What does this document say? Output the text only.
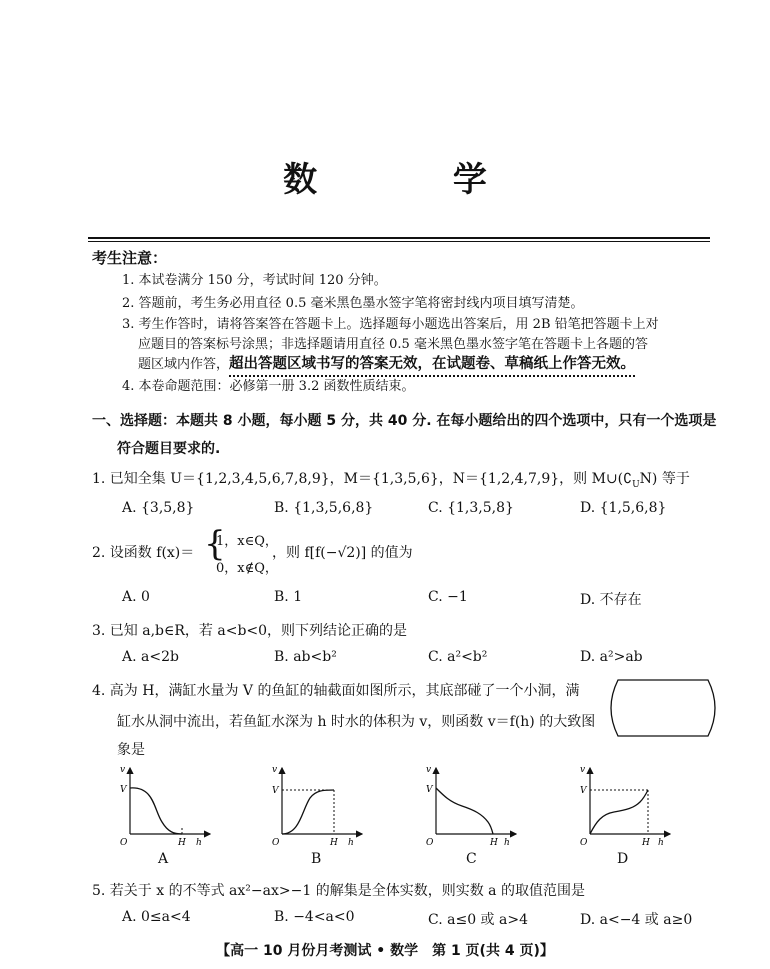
数 学
考生注意：
1. 本试卷满分 150 分，考试时间 120 分钟。
2. 答题前，考生务必用直径 0.5 毫米黑色墨水签字笔将密封线内项目填写清楚。
3. 考生作答时，请将答案答在答题卡上。选择题每小题选出答案后，用 2B 铅笔把答题卡上对
应题目的答案标号涂黑；非选择题请用直径 0.5 毫米黑色墨水签字笔在答题卡上各题的答
题区域内作答，超出答题区域书写的答案无效，在试题卷、草稿纸上作答无效。
4. 本卷命题范围：必修第一册 3.2 函数性质结束。
一、选择题：本题共 8 小题，每小题 5 分，共 40 分. 在每小题给出的四个选项中，只有一个选项是
符合题目要求的.
1. 已知全集 U＝{1,2,3,4,5,6,7,8,9}，M＝{1,3,5,6}，N＝{1,2,4,7,9}，则 $M\cup(∁_UN)$ 等于
A. {3,5,8}	B. {1,3,5,6,8}	C. {1,3,5,8}	D. {1,5,6,8}
2. 设函数 f(x)＝ {
1，x∈Q，
0，x∉Q，
，则 f[f(−√2)] 的值为
A. 0	B. 1	C. −1	D. 不存在
3. 已知 a,b∈R，若 a<b<0，则下列结论正确的是
A. a<2b	B. ab<b²	C. a²<b²	D. a²>ab
4. 高为 H，满缸水量为 V 的鱼缸的轴截面如图所示，其底部碰了一个小洞，满
缸水从洞中流出，若鱼缸水深为 h 时水的体积为 v，则函数 v＝f(h) 的大致图
象是
v
V
O	H h
v
V
O	H h
v
V
O	H h
v
V
O	H h
A	B	C	D
5. 若关于 x 的不等式 ax²−ax>−1 的解集是全体实数，则实数 a 的取值范围是
A. 0≤a<4	B. −4<a<0	C. a≤0 或 a>4	D. a<−4 或 a≥0
【高一 10 月份月考测试 • 数学　第 1 页(共 4 页)】
